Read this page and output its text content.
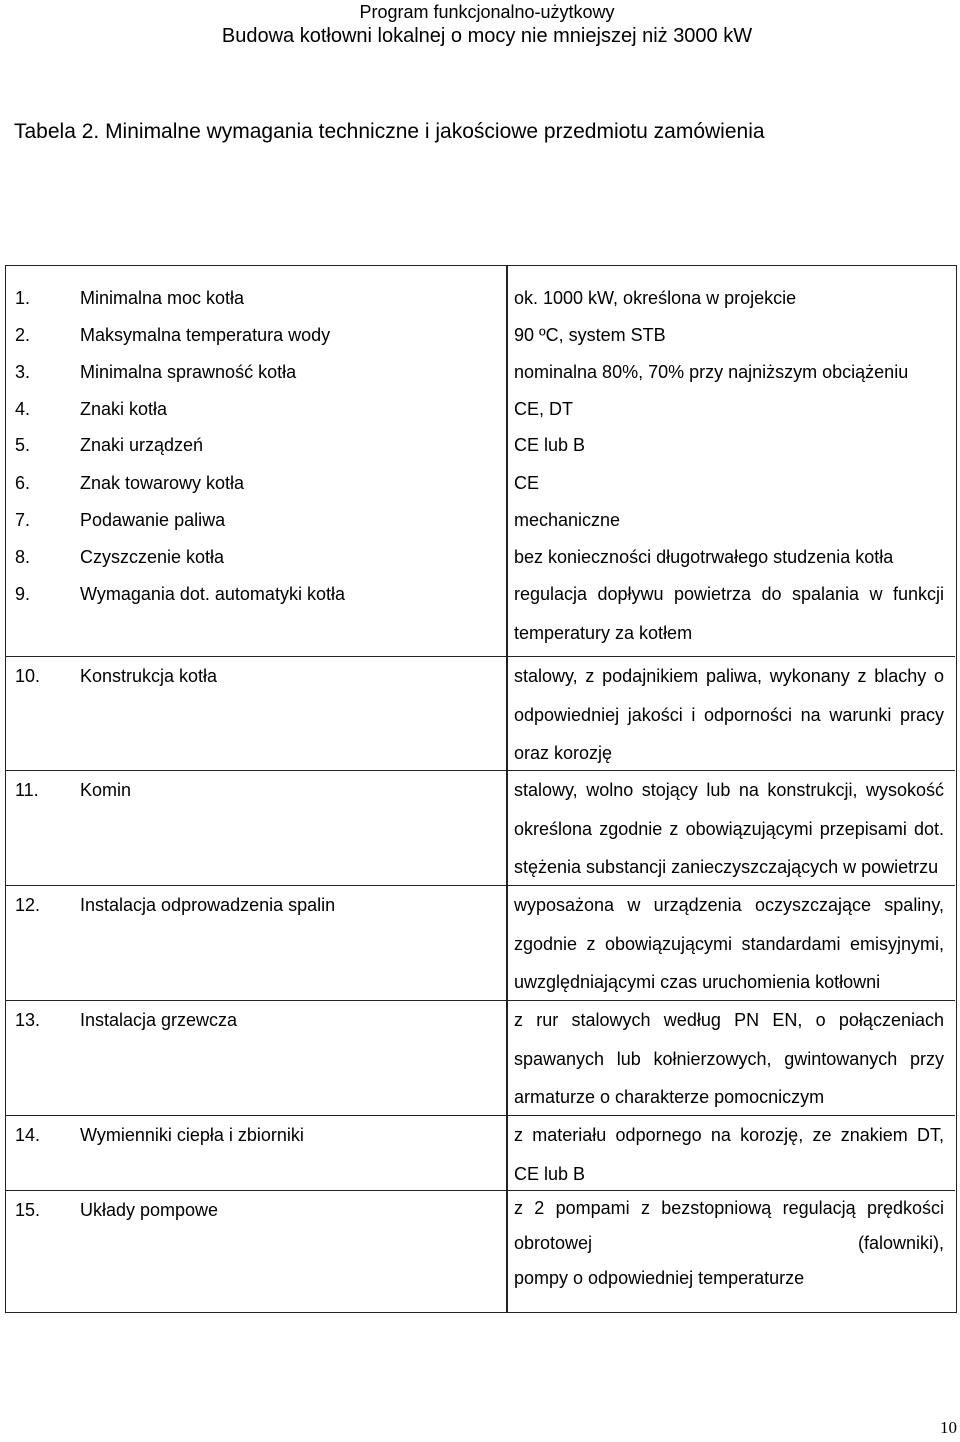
Program funkcjonalno-użytkowy
Budowa kotłowni lokalnej o mocy nie mniejszej niż 3000 kW
Tabela 2. Minimalne wymagania techniczne i jakościowe przedmiotu zamówienia
1.	Minimalna moc kotła	ok. 1000 kW, określona w projekcie
2.	Maksymalna temperatura wody	90 ºC, system STB
3.	Minimalna sprawność kotła	nominalna 80%, 70% przy najniższym obciążeniu
4.	Znaki kotła	CE, DT
5.	Znaki urządzeń	CE lub B
6.	Znak towarowy kotła	CE
7.	Podawanie paliwa	mechaniczne
8.	Czyszczenie kotła	bez konieczności długotrwałego studzenia kotła
9.	Wymagania dot. automatyki kotła	regulacja dopływu powietrza do spalania w funkcji
temperatury za kotłem
10. Konstrukcja kotła	stalowy, z podajnikiem paliwa, wykonany z blachy o
odpowiedniej jakości i odporności na warunki pracy
oraz korozję
11. Komin	stalowy, wolno stojący lub na konstrukcji, wysokość
określona zgodnie z obowiązującymi przepisami dot.
stężenia substancji zanieczyszczających w powietrzu
12. Instalacja odprowadzenia spalin	wyposażona w urządzenia oczyszczające spaliny,
zgodnie z obowiązującymi standardami emisyjnymi,
uwzględniającymi czas uruchomienia kotłowni
13. Instalacja grzewcza	z rur stalowych według PN EN, o połączeniach
spawanych lub kołnierzowych, gwintowanych przy
armaturze o charakterze pomocniczym
14. Wymienniki ciepła i zbiorniki	z materiału odpornego na korozję, ze znakiem DT,
CE lub B
15. Układy pompowe	z 2 pompami z bezstopniową regulacją prędkości
obrotowej (falowniki),
pompy o odpowiedniej temperaturze
10
